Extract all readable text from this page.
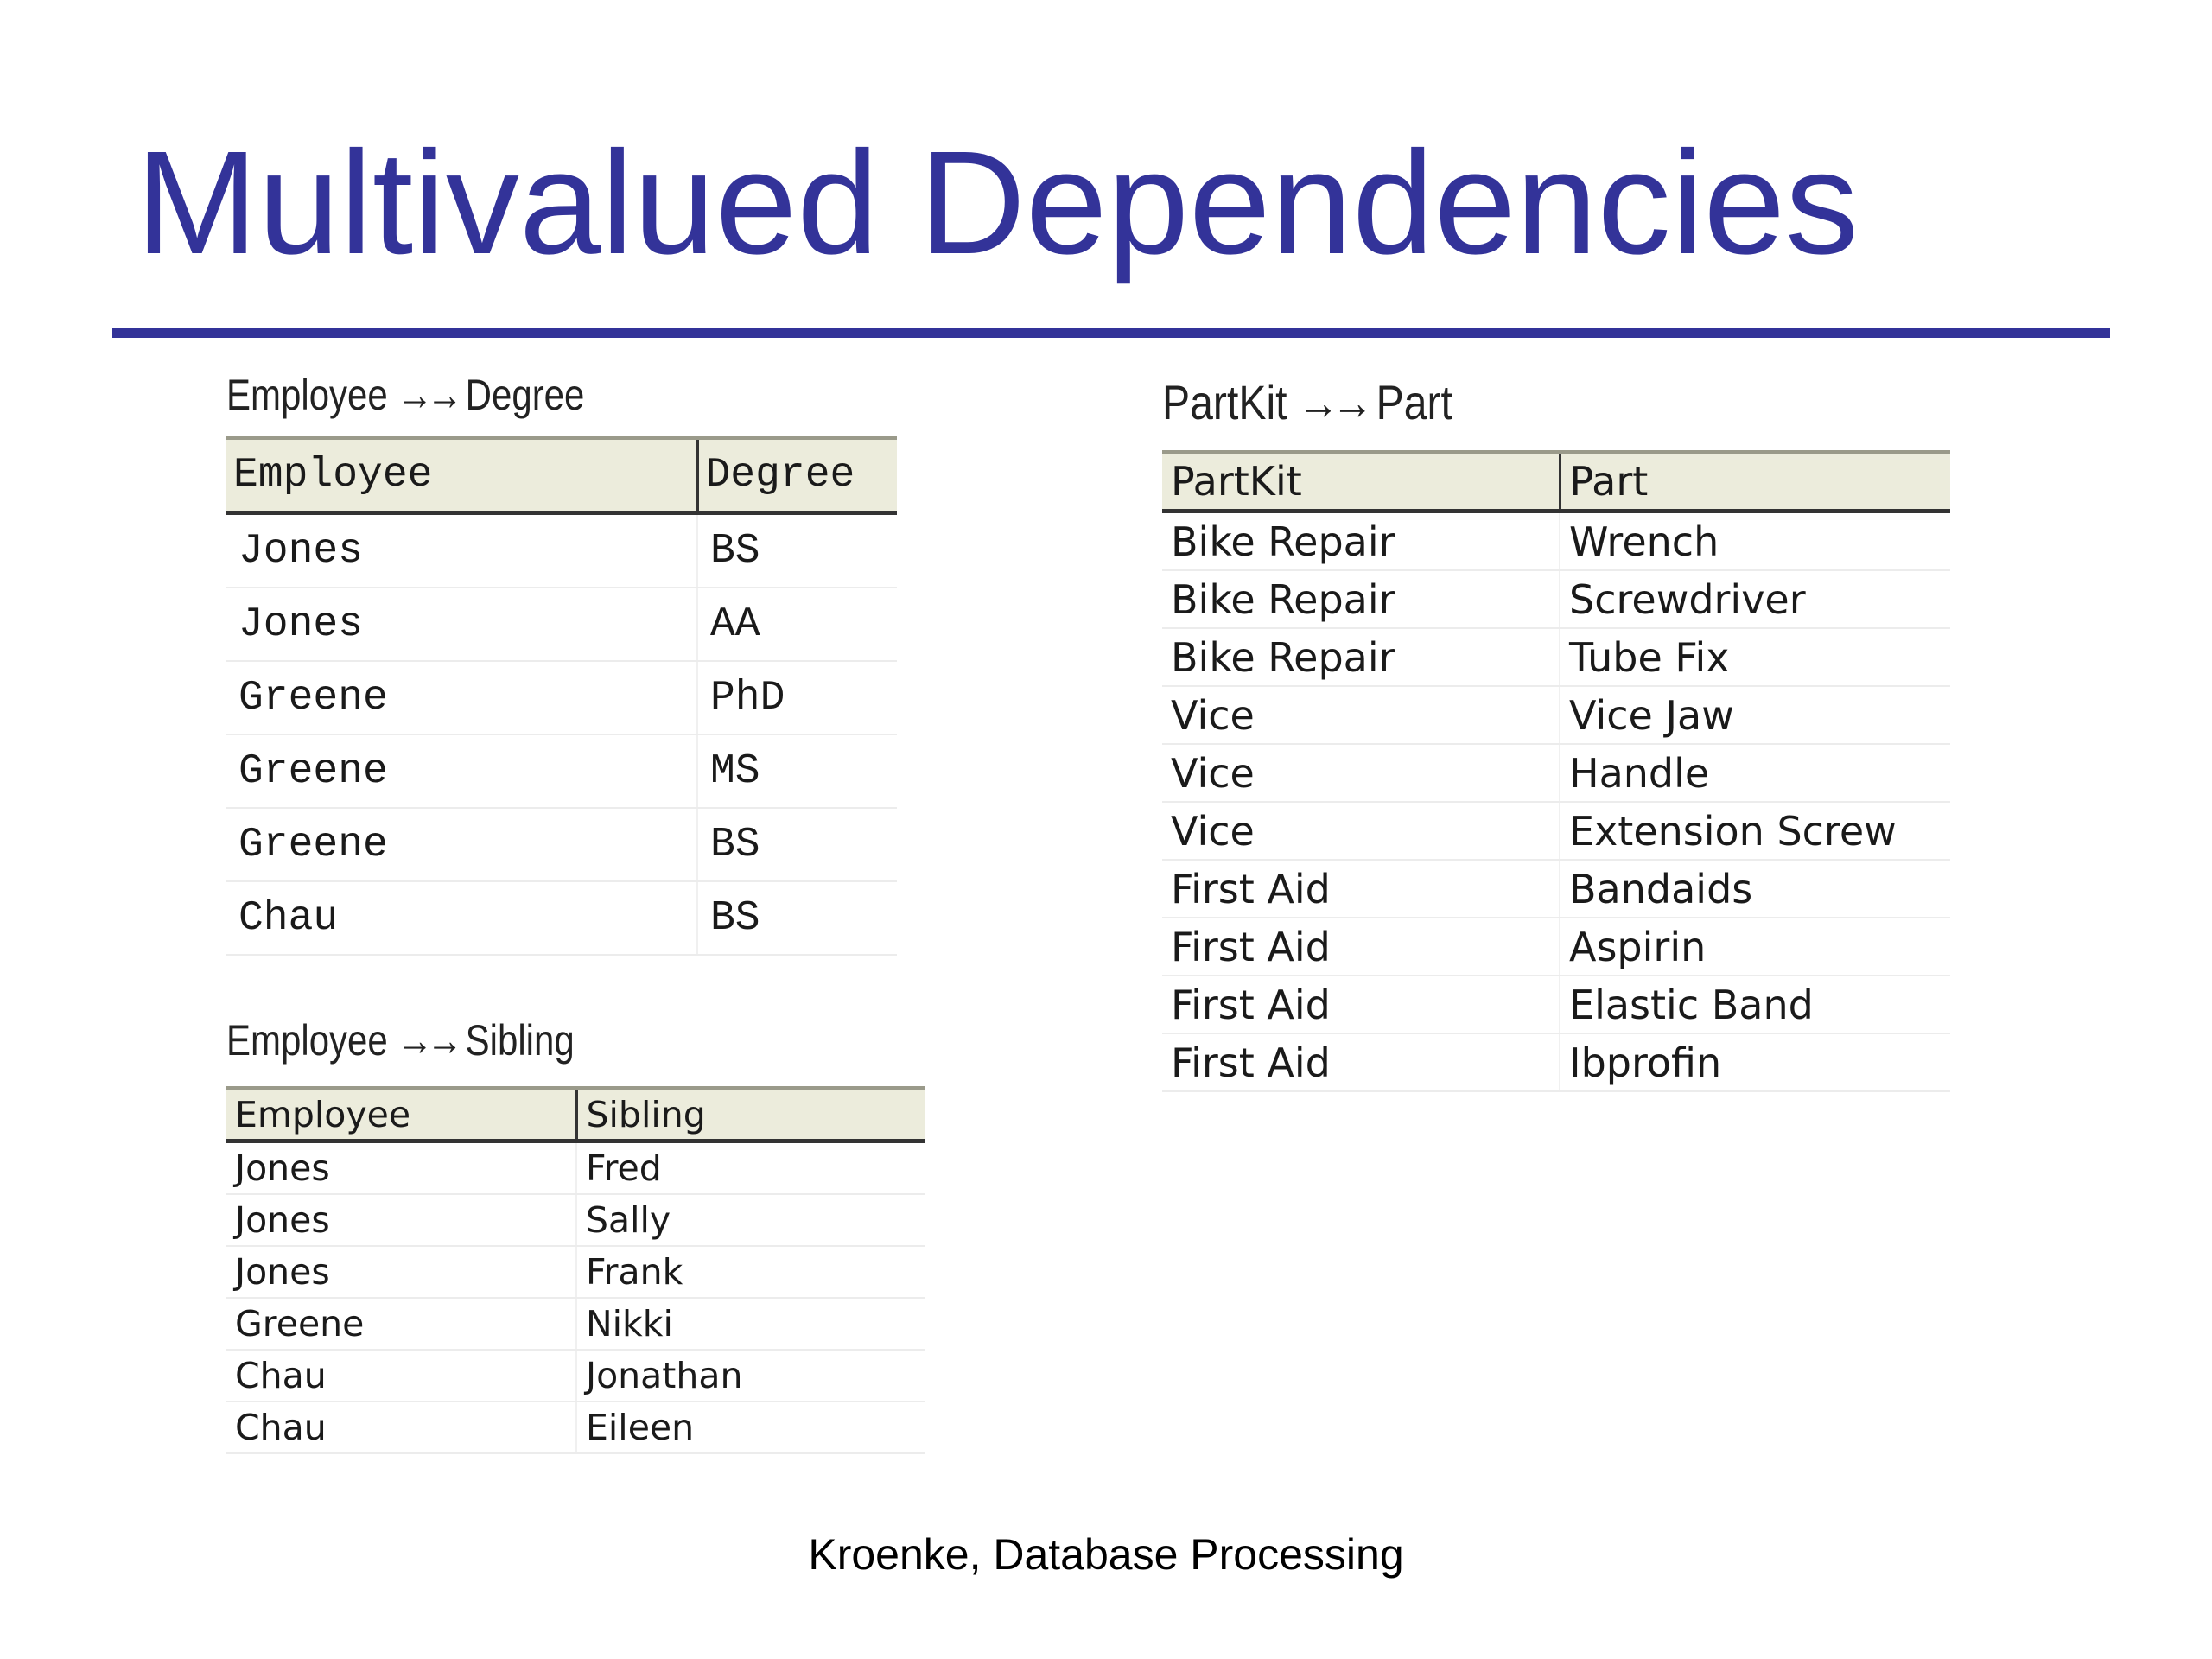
Multivalued Dependencies
Employee →→ Degree
Employee	Degree
Jones	BS
Jones	AA
Greene	PhD
Greene	MS
Greene	BS
Chau	BS
Employee →→ Sibling
Employee	Sibling
Jones	Fred
Jones	Sally
Jones	Frank
Greene	Nikki
Chau	Jonathan
Chau	Eileen
PartKit →→ Part
PartKit	Part
Bike Repair	Wrench
Bike Repair	Screwdriver
Bike Repair	Tube Fix
Vice	Vice Jaw
Vice	Handle
Vice	Extension Screw
First Aid	Bandaids
First Aid	Aspirin
First Aid	Elastic Band
First Aid	Ibprofin
Kroenke, Database Processing
